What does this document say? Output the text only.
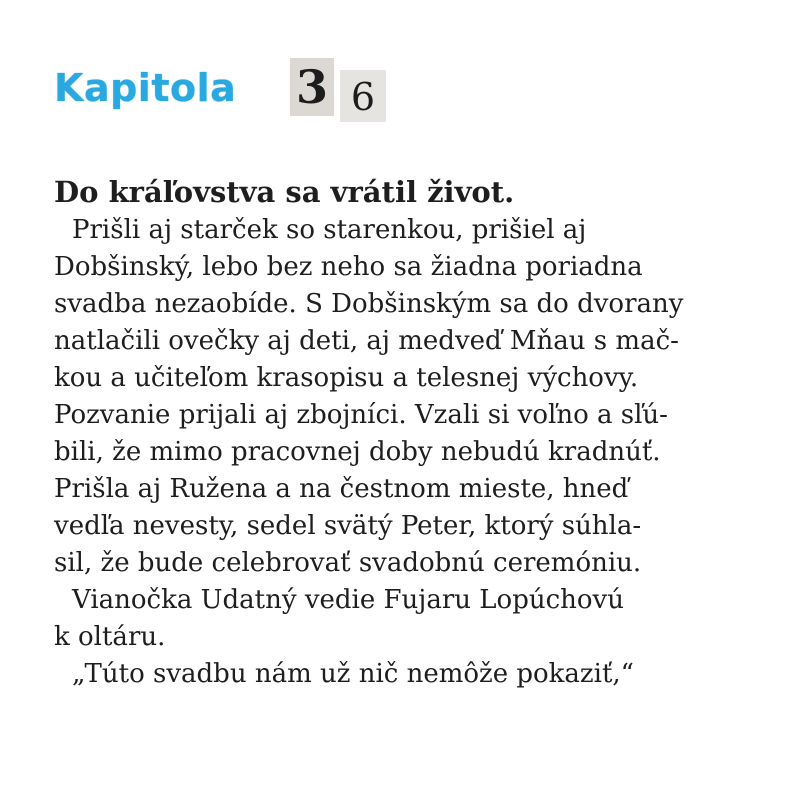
Kapitola 3 6

Do kráľovstva sa vrátil život.

Prišli aj starček so starenkou, prišiel aj

Dobšinský, lebo bez neho sa žiadna poriadna

svadba nezaobíde. S Dobšinským sa do dvorany

natlačili ovečky aj deti, aj medveď Mňau s mač-

kou a učiteľom krasopisu a telesnej výchovy.

Pozvanie prijali aj zbojníci. Vzali si voľno a sľú-

bili, že mimo pracovnej doby nebudú kradnúť.

Prišla aj Ružena a na čestnom mieste, hneď

vedľa nevesty, sedel svätý Peter, ktorý súhla-

sil, že bude celebrovať svadobnú ceremóniu.

Vianočka Udatný vedie Fujaru Lopúchovú

k oltáru.

„Túto svadbu nám už nič nemôže pokaziť,“
